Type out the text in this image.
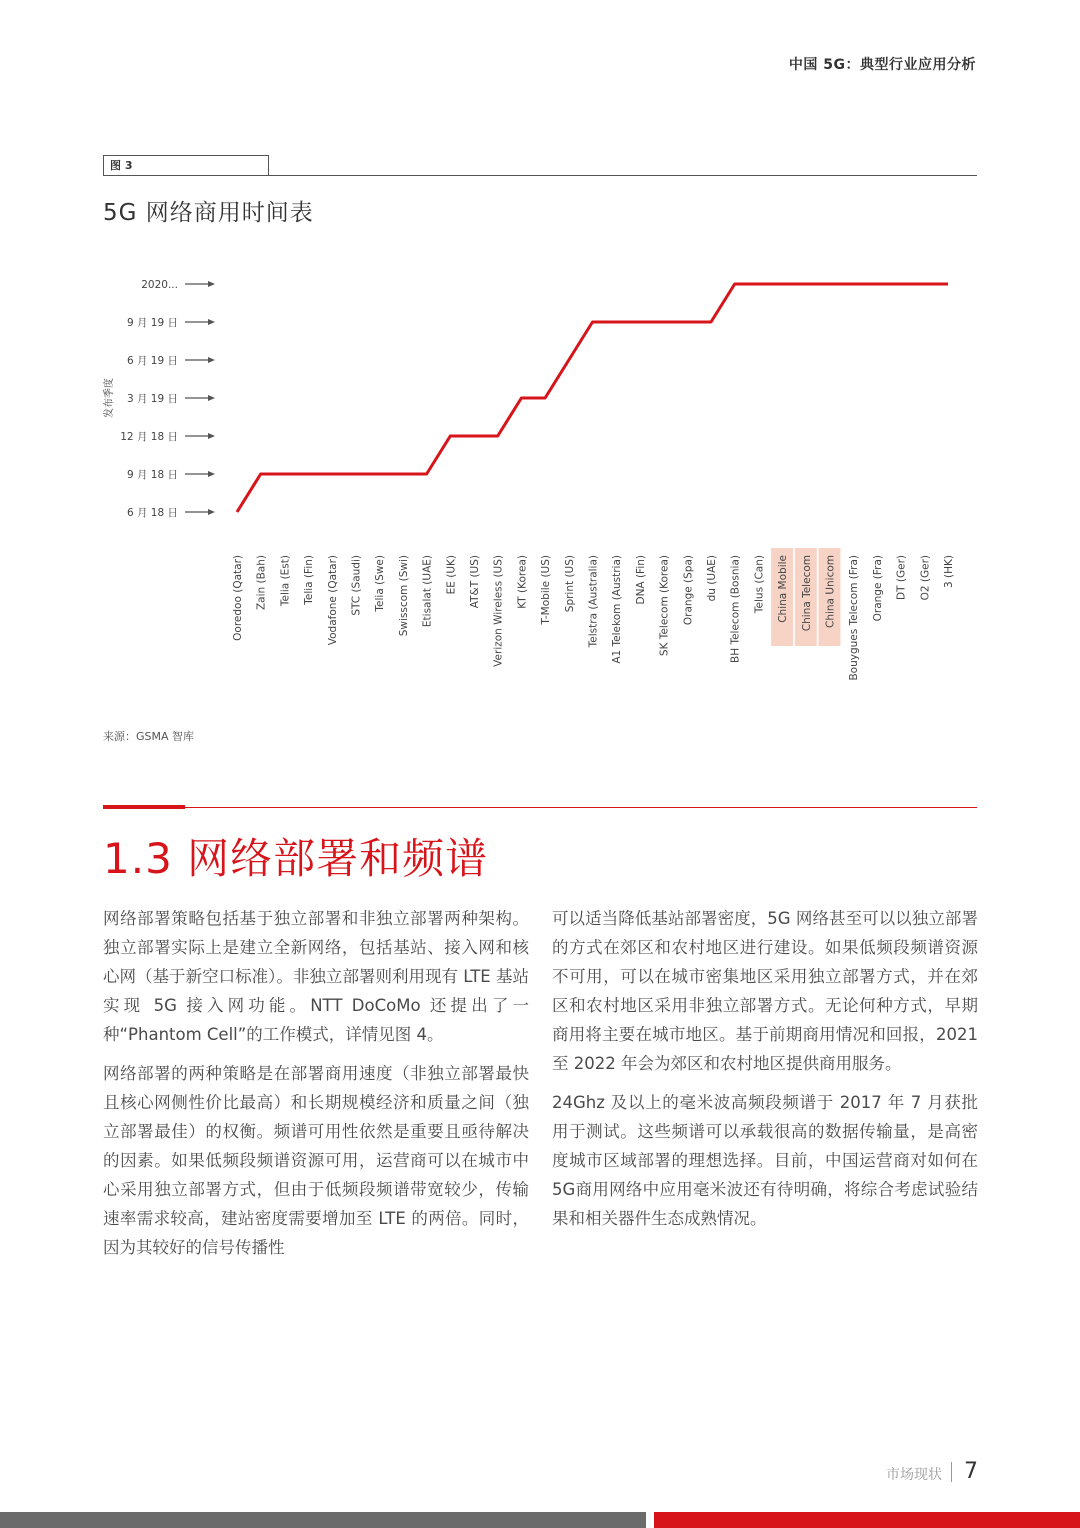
中国 5G：典型行业应用分析
图 3
5G 网络商用时间表
发布季度
6 月 18 日
9 月 18 日
12 月 18 日
3 月 19 日
6 月 19 日
9 月 19 日
2020...
Ooredoo (Qatar) Zain (Bah) Telia (Est) Telia (Fin) Vodafone (Qatar) STC (Saudi) Telia (Swe) Swisscom (Swi) Etisalat (UAE) EE (UK) AT&T (US) Verizon Wireless (US) KT (Korea) T-Mobile (US) Sprint (US) Telstra (Australia) A1 Telekom (Austria) DNA (Fin) SK Telecom (Korea) Orange (Spa) du (UAE) BH Telecom (Bosnia) Telus (Can) China Mobile China Telecom China Unicom Bouygues Telecom (Fra) Orange (Fra) DT (Ger) O2 (Ger) 3 (HK)
来源：GSMA 智库
1.3 网络部署和频谱

网络部署策略包括基于独立部署和非独立部署两种架构。独立部署实际上是建立全新网络，包括基站、接入网和核心网（基于新空口标准）。非独立部署则利用现有 LTE 基站实现 5G 接入网功能。NTT DoCoMo 还提出了一种“Phantom Cell”的工作模式，详情见图 4。

网络部署的两种策略是在部署商用速度（非独立部署最快且核心网侧性价比最高）和长期规模经济和质量之间（独立部署最佳）的权衡。频谱可用性依然是重要且亟待解决的因素。如果低频段频谱资源可用，运营商可以在城市中心采用独立部署方式，但由于低频段频谱带宽较少，传输速率需求较高，建站密度需要增加至 LTE 的两倍。同时，因为其较好的信号传播性

可以适当降低基站部署密度，5G 网络甚至可以以独立部署的方式在郊区和农村地区进行建设。如果低频段频谱资源不可用，可以在城市密集地区采用独立部署方式，并在郊区和农村地区采用非独立部署方式。无论何种方式，早期商用将主要在城市地区。基于前期商用情况和回报，2021 至 2022 年会为郊区和农村地区提供商用服务。

24Ghz 及以上的毫米波高频段频谱于 2017 年 7 月获批用于测试。这些频谱可以承载很高的数据传输量，是高密度城市区域部署的理想选择。目前，中国运营商对如何在5G商用网络中应用毫米波还有待明确，将综合考虑试验结果和相关器件生态成熟情况。

市场现状 7
